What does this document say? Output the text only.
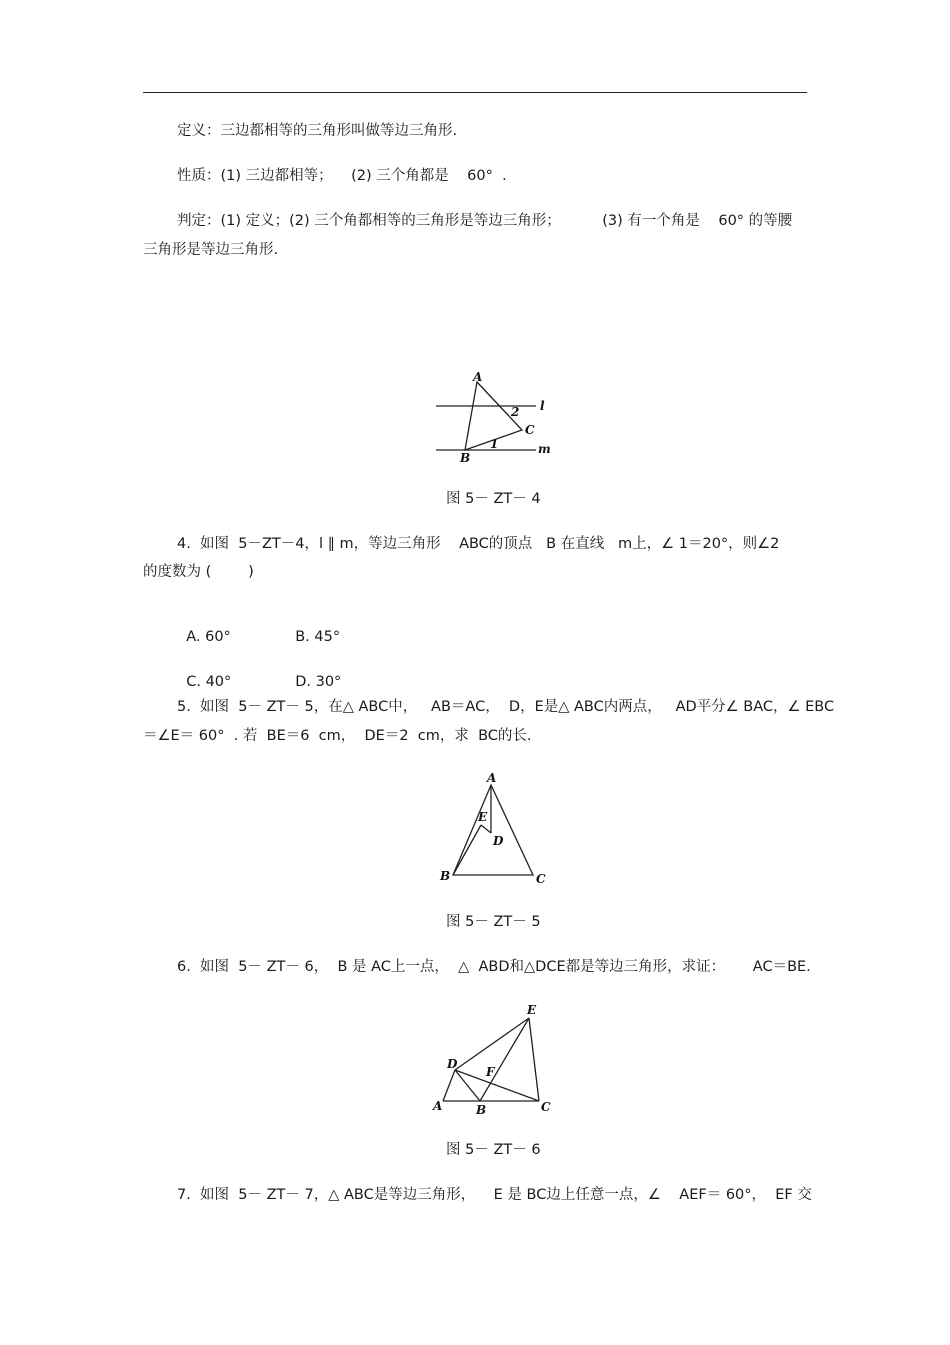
定义：三边都相等的三角形叫做等边三角形.
性质：(1) 三边都相等；    (2) 三个角都是    60°  .
判定：(1) 定义；(2) 三个角都相等的三角形是等边三角形；         (3) 有一个角是    60° 的等腰
三角形是等边三角形.
A
B
C
2
1
l
m
图 5－ ZT－ 4
4.  如图  5－ZT－4，l ∥ m，等边三角形    ABC的顶点   B 在直线   m上，∠ 1＝20°，则∠2
的度数为 (        )

A. 60°	B. 45°

C. 40°	D. 30°

5.  如图  5－ ZT－ 5，在△ ABC中，   AB＝AC，  D，E是△ ABC内两点，   AD平分∠ BAC，∠ EBC
＝∠E＝ 60°  . 若  BE＝6  cm，  DE＝2  cm，求  BC的长.
A
B	C
D
E
图 5－ ZT－ 5
6.  如图  5－ ZT－ 6，  B 是 AC上一点，  △  ABD和△DCE都是等边三角形，求证：      AC＝BE.
A	B	C
D
E
F
图 5－ ZT－ 6
7.  如图  5－ ZT－ 7，△ ABC是等边三角形，    E 是 BC边上任意一点，∠    AEF＝ 60°，  EF 交
